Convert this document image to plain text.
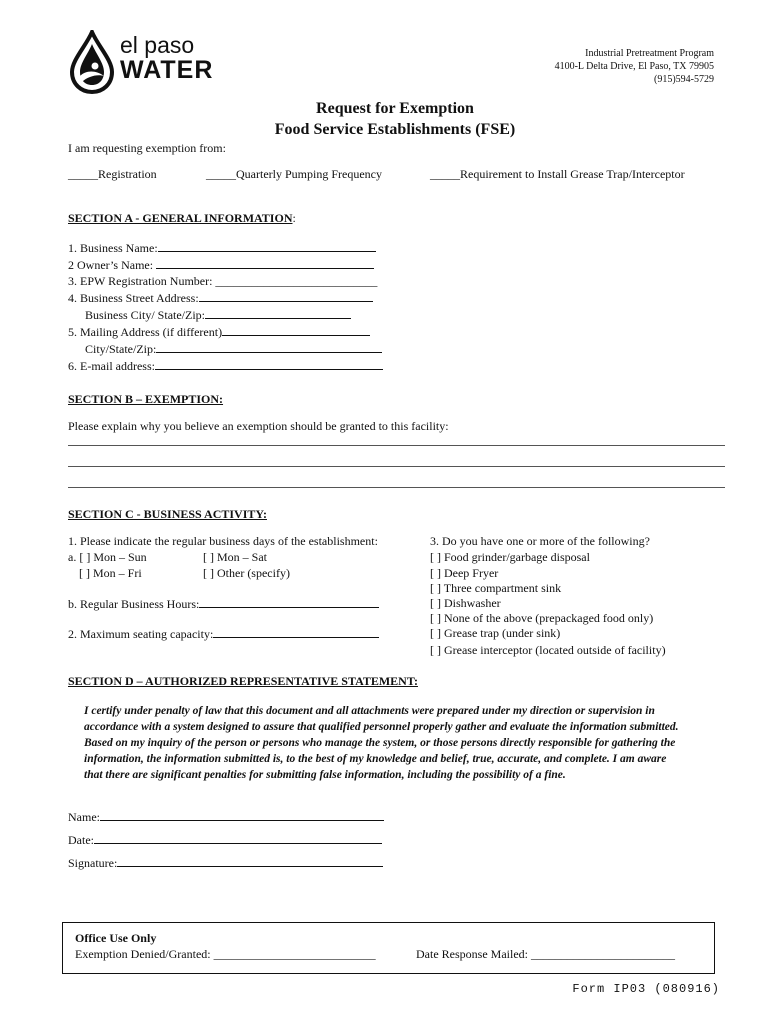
el paso
WATER
Industrial Pretreatment Program
4100-L Delta Drive, El Paso, TX 79905
(915)594-5729
Request for Exemption
Food Service Establishments (FSE)
I am requesting exemption from:
_____Registration	_____Quarterly Pumping Frequency	_____Requirement to Install Grease Trap/Interceptor
SECTION A - GENERAL INFORMATION:
1. Business Name:
2 Owner’s Name:
3. EPW Registration Number: ___________________________
4. Business Street Address:
Business City/ State/Zip:
5. Mailing Address (if different)
City/State/Zip:
6. E-mail address:
SECTION B – EXEMPTION:
Please explain why you believe an exemption should be granted to this facility:
SECTION C - BUSINESS ACTIVITY:
1. Please indicate the regular business days of the establishment:
a. [ ] Mon – Sun	[ ] Mon – Sat
[ ] Mon – Fri	[ ] Other (specify)
b. Regular Business Hours:
2. Maximum seating capacity:
3. Do you have one or more of the following?
[ ] Food grinder/garbage disposal
[ ] Deep Fryer
[ ] Three compartment sink
[ ] Dishwasher
[ ] None of the above (prepackaged food only)
[ ] Grease trap (under sink)
[ ] Grease interceptor (located outside of facility)
SECTION D – AUTHORIZED REPRESENTATIVE STATEMENT:
I certify under penalty of law that this document and all attachments were prepared under my direction or supervision in accordance with a system designed to assure that qualified personnel properly gather and evaluate the information submitted. Based on my inquiry of the person or persons who manage the system, or those persons directly responsible for gathering the information, the information submitted is, to the best of my knowledge and belief, true, accurate, and complete. I am aware that there are significant penalties for submitting false information, including the possibility of a fine.
Name:
Date:
Signature:
Office Use Only
Exemption Denied/Granted: ___________________________	Date Response Mailed: ________________________
Form IP03 (080916)
